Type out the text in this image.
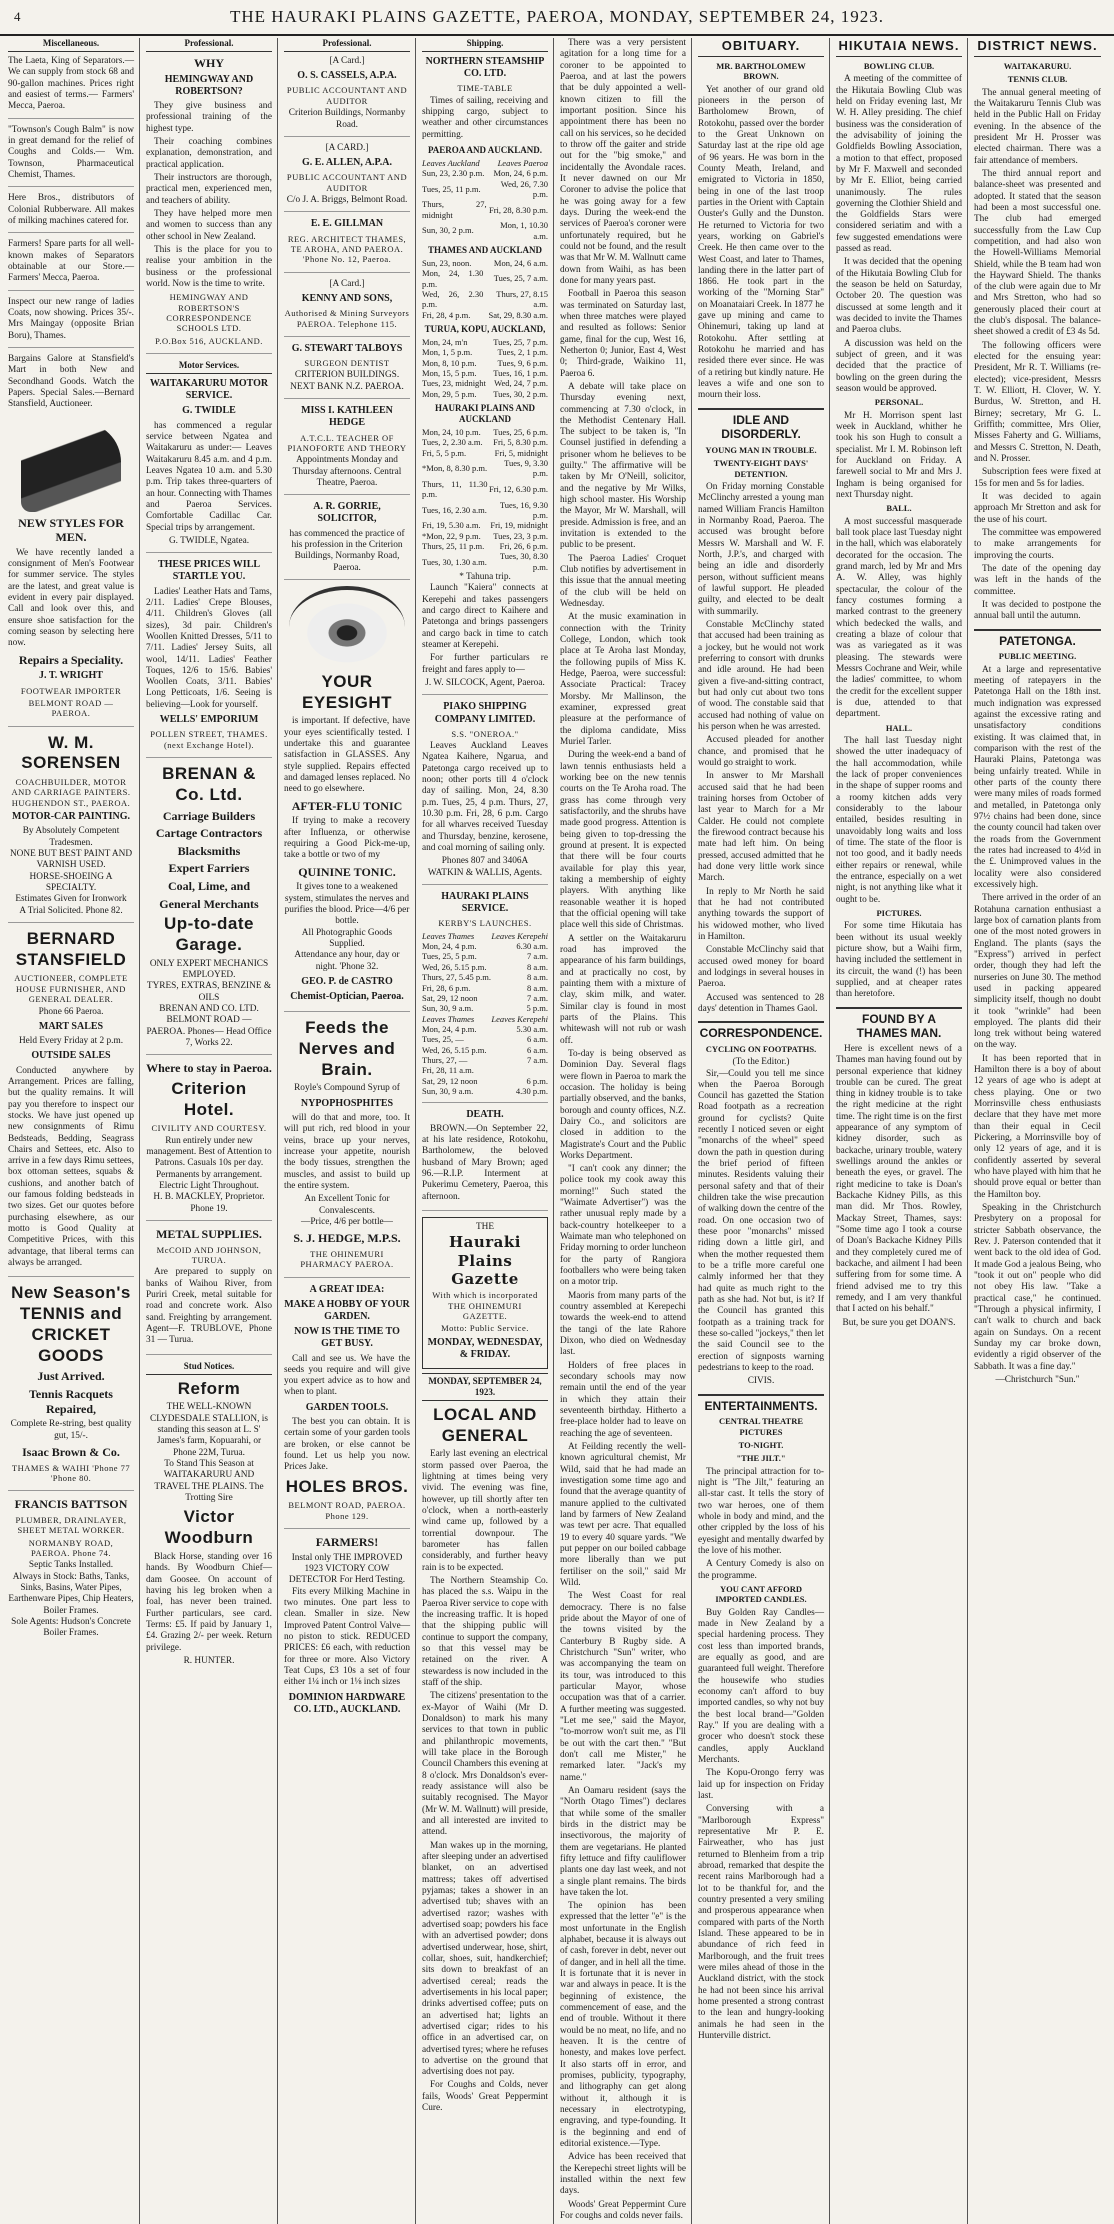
4	THE HAURAKI PLAINS GAZETTE, PAEROA, MONDAY, SEPTEMBER 24, 1923.
Miscellaneous.
The Laeta, King of Separators.— We can supply from stock 68 and 90-gallon machines. Prices right and easiest of terms.— Farmers' Mecca, Paeroa.
"Townson's Cough Balm" is now in great demand for the relief of Coughs and Colds.— Wm. Townson, Pharmaceutical Chemist, Thames.
Here Bros., distributors of Colonial Rubberware. All makes of milking machines catered for.
Farmers! Spare parts for all well-known makes of Separators obtainable at our Store.— Farmers' Mecca, Paeroa.
Inspect our new range of ladies Coats, now showing. Prices 35/-. Mrs Maingay (opposite Brian Boru), Thames.
Bargains Galore at Stansfield's Mart in both New and Secondhand Goods. Watch the Papers. Special Sales.—Bernard Stansfield, Auctioneer.
NEW STYLES FOR MEN.
We have recently landed a consignment of Men's Footwear for summer service. The styles are the latest, and great value is evident in every pair displayed. Call and look over this, and ensure shoe satisfaction for the coming season by selecting here now.
Repairs a Speciality.
J. T. WRIGHT
FOOTWEAR IMPORTER
BELMONT ROAD — PAEROA.
W. M. SORENSEN
COACHBUILDER, MOTOR AND CARRIAGE PAINTERS. HUGHENDON ST., PAEROA.
MOTOR-CAR PAINTING.
By Absolutely Competent Tradesmen.
NONE BUT BEST PAINT AND VARNISH USED.
HORSE-SHOEING A SPECIALTY.
Estimates Given for Ironwork
A Trial Solicited. Phone 82.
BERNARD STANSFIELD
AUCTIONEER, COMPLETE HOUSE FURNISHER, AND GENERAL DEALER.
Phone 66 Paeroa.
MART SALES
Held Every Friday at 2 p.m.
OUTSIDE SALES
Conducted anywhere by Arrangement. Prices are falling, but the quality remains. It will pay you therefore to inspect our stocks. We have just opened up new consignments of Rimu Bedsteads, Bedding, Seagrass Chairs and Settees, etc. Also to arrive in a few days Rimu settees, box ottoman settees, squabs & cushions, and another batch of our famous folding bedsteads in two sizes. Get our quotes before purchasing elsewhere, as our motto is Good Quality at Competitive Prices, with this advantage, that liberal terms can always be arranged.
New Season's TENNIS and CRICKET GOODS
Just Arrived.
Tennis Racquets Repaired,
Complete Re-string, best quality gut, 15/-.
Isaac Brown & Co.
THAMES & WAIHI 'Phone 77 'Phone 80.
FRANCIS BATTSON
PLUMBER, DRAINLAYER, SHEET METAL WORKER.
NORMANBY ROAD, PAEROA. Phone 74.
Septic Tanks Installed.
Always in Stock: Baths, Tanks, Sinks, Basins, Water Pipes, Earthenware Pipes, Chip Heaters, Boiler Frames.
Sole Agents: Hudson's Concrete Boiler Frames.
Professional.
WHY
HEMINGWAY AND ROBERTSON?
They give business and professional training of the highest type.
Their coaching combines explanation, demonstration, and practical application.
Their instructors are thorough, practical men, experienced men, and teachers of ability.
They have helped more men and women to success than any other school in New Zealand.
This is the place for you to realise your ambition in the business or the professional world. Now is the time to write.
HEMINGWAY AND ROBERTSON'S CORRESPONDENCE SCHOOLS LTD.
P.O.Box 516, AUCKLAND.
Motor Services.
WAITAKARURU MOTOR SERVICE.
G. TWIDLE
has commenced a regular service between Ngatea and Waitakaruru as under:— Leaves Waitakaruru 8.45 a.m. and 4 p.m. Leaves Ngatea 10 a.m. and 5.30 p.m. Trip takes three-quarters of an hour. Connecting with Thames and Paeroa Services. Comfortable Cadillac Car. Special trips by arrangement.
G. TWIDLE, Ngatea.
THESE PRICES WILL STARTLE YOU.
Ladies' Leather Hats and Tams, 2/11. Ladies' Crepe Blouses, 4/11. Children's Gloves (all sizes), 3d pair. Children's Woollen Knitted Dresses, 5/11 to 7/11. Ladies' Jersey Suits, all wool, 14/11. Ladies' Feather Toques, 12/6 to 15/6. Babies' Woollen Coats, 3/11. Babies' Long Petticoats, 1/6. Seeing is believing—Look for yourself.
WELLS' EMPORIUM
POLLEN STREET, THAMES. (next Exchange Hotel).
BRENAN & Co. Ltd.
Carriage Builders
Cartage Contractors
Blacksmiths
Expert Farriers
Coal, Lime, and
General Merchants
Up-to-date Garage.
ONLY EXPERT MECHANICS EMPLOYED.
TYRES, EXTRAS, BENZINE & OILS
BRENAN AND CO. LTD. BELMONT ROAD — PAEROA. Phones— Head Office 7, Works 22.
Where to stay in Paeroa.
Criterion Hotel.
CIVILITY AND COURTESY.
Run entirely under new management. Best of Attention to Patrons. Casuals 10s per day. Permanents by arrangement. Electric Light Throughout.
H. B. MACKLEY, Proprietor. Phone 19.
METAL SUPPLIES.
McCOID AND JOHNSON, TURUA.
Are prepared to supply on banks of Waihou River, from Puriri Creek, metal suitable for road and concrete work. Also sand. Freighting by arrangement. Agent—F. TRUBLOVE, Phone 31 — Turua.
Stud Notices.
Reform
THE WELL-KNOWN CLYDESDALE STALLION, is standing this season at L. S' James's farm, Kopuarahi, or Phone 22M, Turua.
To Stand This Season at WAITAKARURU AND TRAVEL THE PLAINS. The Trotting Sire
Victor Woodburn
Black Horse, standing over 16 hands. By Woodburn Chief—dam Goosee. On account of having his leg broken when a foal, has never been trained. Further particulars, see card. Terms: £5. If paid by January 1, £4. Grazing 2/- per week. Return privilege.
R. HUNTER.
Professional.
[A Card.]
O. S. CASSELS, A.P.A.
PUBLIC ACCOUNTANT AND AUDITOR
Criterion Buildings, Normanby Road.
[A CARD.]
G. E. ALLEN, A.P.A.
PUBLIC ACCOUNTANT AND AUDITOR
C/o J. A. Briggs, Belmont Road.
E. E. GILLMAN
REG. ARCHITECT THAMES, TE AROHA, AND PAEROA. 'Phone No. 12, Paeroa.
[A Card.]
KENNY AND SONS,
Authorised & Mining Surveyors PAEROA. Telephone 115.
G. STEWART TALBOYS
SURGEON DENTIST
CRITERION BUILDINGS. NEXT BANK N.Z. PAEROA.
MISS I. KATHLEEN HEDGE
A.T.C.L. TEACHER OF PIANOFORTE AND THEORY
Appointments Monday and Thursday afternoons. Central Theatre, Paeroa.
A. R. GORRIE, SOLICITOR,
has commenced the practice of his profession in the Criterion Buildings, Normanby Road, Paeroa.
YOUR EYESIGHT
is important. If defective, have your eyes scientifically tested. I undertake this and guarantee satisfaction in GLASSES. Any style supplied. Repairs effected and damaged lenses replaced. No need to go elsewhere.
AFTER-FLU TONIC
If trying to make a recovery after Influenza, or otherwise requiring a Good Pick-me-up, take a bottle or two of my
QUININE TONIC.
It gives tone to a weakened system, stimulates the nerves and purifies the blood. Price—4/6 per bottle.
All Photographic Goods Supplied.
Attendance any hour, day or night. 'Phone 32.
GEO. P. de CASTRO
Chemist-Optician, Paeroa.
Feeds the Nerves and Brain.
Royle's Compound Syrup of
NYPOPHOSPHITES
will do that and more, too. It will put rich, red blood in your veins, brace up your nerves, increase your appetite, nourish the body tissues, strengthen the muscles, and assist to build up the entire system.
An Excellent Tonic for Convalescents.
—Price, 4/6 per bottle—
S. J. HEDGE, M.P.S.
THE OHINEMURI PHARMACY PAEROA.
A GREAT IDEA:
MAKE A HOBBY OF YOUR GARDEN.
NOW IS THE TIME TO GET BUSY.
Call and see us. We have the seeds you require and will give you expert advice as to how and when to plant.
GARDEN TOOLS.
The best you can obtain. It is certain some of your garden tools are broken, or else cannot be found. Let us help you now. Prices Jake.
HOLES BROS.
BELMONT ROAD, PAEROA. Phone 129.
FARMERS!
Instal only THE IMPROVED 1923 VICTORY COW DETECTOR For Herd Testing.
Fits every Milking Machine in two minutes. One part less to clean. Smaller in size. New Improved Patent Control Valve—no piston to stick. REDUCED PRICES: £6 each, with reduction for three or more. Also Victory Teat Cups, £3 10s a set of four either 1¼ inch or 1⅛ inch sizes
DOMINION HARDWARE CO. LTD., AUCKLAND.
Shipping.
NORTHERN STEAMSHIP CO. LTD.
TIME-TABLE
Times of sailing, receiving and shipping cargo, subject to weather and other circumstances permitting.
PAEROA AND AUCKLAND.
Leaves Auckland	Leaves Paeroa
Sun, 23, 2.30 p.m.	Mon, 24, 6 p.m.
Tues, 25, 11 p.m.	Wed, 26, 7.30 p.m.
Thurs, 27, midnight	Fri, 28, 8.30 p.m.
Sun, 30, 2 p.m.	Mon, 1, 10.30 a.m.
THAMES AND AUCKLAND
Sun, 23, noon.	Mon, 24, 6 a.m.
Mon, 24, 1.30 p.m.	Tues, 25, 7 a.m.
Wed, 26, 2.30 p.m.	Thurs, 27, 8.15 a.m.
Fri, 28, 4 p.m.	Sat, 29, 8.30 a.m.
TURUA, KOPU, AUCKLAND,
Mon, 24, m'n	Tues, 25, 7 p.m.
Mon, 1, 5 p.m.	Tues, 2, 1 p.m.
Mon, 8, 10 p.m.	Tues, 9, 6 p.m.
Mon, 15, 5 p.m.	Tues, 16, 1 p.m.
Tues, 23, midnight	Wed, 24, 7 p.m.
Mon, 29, 5 p.m.	Tues, 30, 2 p.m.
HAURAKI PLAINS AND AUCKLAND
Mon, 24, 10 p.m.	Tues, 25, 6 p.m.
Tues, 2, 2.30 a.m.	Fri, 5, 8.30 p.m.
Fri, 5, 5 p.m.	Fri, 5, midnight
*Mon, 8, 8.30 p.m.	Tues, 9, 3.30 p.m.
Thurs, 11, 11.30 p.m.	Fri, 12, 6.30 p.m.
Tues, 16, 2.30 a.m.	Tues, 16, 9.30 p.m.
Fri, 19, 5.30 a.m.	Fri, 19, midnight
*Mon, 22, 9 p.m.	Tues, 23, 3 p.m.
Thurs, 25, 11 p.m.	Fri, 26, 6 p.m.
Tues, 30, 1.30 a.m.	Tues, 30, 8.30 p.m.
* Tahuna trip.
Launch "Kaiera" connects at Kerepehi and takes passengers and cargo direct to Kaihere and Patetonga and brings passengers and cargo back in time to catch steamer at Kerepehi.
For further particulars re freight and fares apply to—
J. W. SILCOCK, Agent, Paeroa.
PIAKO SHIPPING COMPANY LIMITED.
S.S. "ONEROA."
Leaves Auckland Leaves Ngatea Kaihere, Ngarua, and Patetonga cargo received up to noon; other ports till 4 o'clock day of sailing. Mon, 24, 8.30 p.m. Tues, 25, 4 p.m. Thurs, 27, 10.30 p.m. Fri, 28, 6 p.m. Cargo for all wharves received Tuesday and Thursday, benzine, kerosene, and coal morning of sailing only.
Phones 807 and 3406A
WATKIN & WALLIS, Agents.
HAURAKI PLAINS SERVICE.
KERBY'S LAUNCHES.
Leaves Thames	Leaves Kerepehi
Mon, 24, 4 p.m.	6.30 a.m.
Tues, 25, 5 p.m.	7 a.m.
Wed, 26, 5.15 p.m.	8 a.m.
Thurs, 27, 5.45 p.m.	8 a.m.
Fri, 28, 6 p.m.	8 a.m.
Sat, 29, 12 noon	7 a.m.
Sun, 30, 9 a.m.	5 p.m.
Leaves Thames	Leaves Kerepehi
Mon, 24, 4 p.m.	5.30 a.m.
Tues, 25, —	6 a.m.
Wed, 26, 5.15 p.m.	6 a.m.
Thurs, 27, —	7 a.m.
Fri, 28, 11 a.m.	
Sat, 29, 12 noon	6 p.m.
Sun, 30, 9 a.m.	4.30 p.m.
DEATH.
BROWN.—On September 22, at his late residence, Rotokohu, Bartholomew, the beloved husband of Mary Brown; aged 96.—R.I.P. Interment at Pukerimu Cemetery, Paeroa, this afternoon.
THE
Hauraki Plains Gazette
With which is incorporated THE OHINEMURI GAZETTE.
Motto: Public Service.
MONDAY, WEDNESDAY, & FRIDAY.
MONDAY, SEPTEMBER 24, 1923.
LOCAL AND GENERAL
Early last evening an electrical storm passed over Paeroa, the lightning at times being very vivid. The evening was fine, however, up till shortly after ten o'clock, when a north-easterly wind came up, followed by a torrential downpour. The barometer has fallen considerably, and further heavy rain is to be expected.
The Northern Steamship Co. has placed the s.s. Waipu in the Paeroa River service to cope with the increasing traffic. It is hoped that the shipping public will continue to support the company, so that this vessel may be retained on the river. A stewardess is now included in the staff of the ship.
The citizens' presentation to the ex-Mayor of Waihi (Mr D. Donaldson) to mark his many services to that town in public and philanthropic movements, will take place in the Borough Council Chambers this evening at 8 o'clock. Mrs Donaldson's ever-ready assistance will also be suitably recognised. The Mayor (Mr W. M. Wallnutt) will preside, and all interested are invited to attend.
Man wakes up in the morning, after sleeping under an advertised blanket, on an advertised mattress; takes off advertised pyjamas; takes a shower in an advertised tub; shaves with an advertised razor; washes with advertised soap; powders his face with an advertised powder; dons advertised underwear, hose, shirt, collar, shoes, suit, handkerchief; sits down to breakfast of an advertised cereal; reads the advertisements in his local paper; drinks advertised coffee; puts on an advertised hat; lights an advertised cigar; rides to his office in an advertised car, on advertised tyres; where he refuses to advertise on the ground that advertising does not pay.
For Coughs and Colds, never fails, Woods' Great Peppermint Cure.
There was a very persistent agitation for a long time for a coroner to be appointed to Paeroa, and at last the powers that be duly appointed a well-known citizen to fill the important position. Since his appointment there has been no call on his services, so he decided to throw off the gaiter and stride out for the "big smoke," and incidentally the Avondale races. It never dawned on our Mr Coroner to advise the police that he was going away for a few days. During the week-end the services of Paeroa's coroner were unfortunately required, but he could not be found, and the result was that Mr W. M. Wallnutt came down from Waihi, as has been done for many years past.
Football in Paeroa this season was terminated on Saturday last, when three matches were played and resulted as follows: Senior game, final for the cup, West 16, Netherton 0; Junior, East 4, West 0; Third-grade, Waikino 11, Paeroa 6.
A debate will take place on Thursday evening next, commencing at 7.30 o'clock, in the Methodist Centenary Hall. The subject to be taken is, "In Counsel justified in defending a prisoner whom he believes to be guilty." The affirmative will be taken by Mr O'Neill, solicitor, and the negative by Mr Wilks, high school master. His Worship the Mayor, Mr W. Marshall, will preside. Admission is free, and an invitation is extended to the public to be present.
The Paeroa Ladies' Croquet Club notifies by advertisement in this issue that the annual meeting of the club will be held on Wednesday.
At the music examination in connection with the Trinity College, London, which took place at Te Aroha last Monday, the following pupils of Miss K. Hedge, Paeroa, were successful: Associate Practical: Tracey Morsby. Mr Mallinson, the examiner, expressed great pleasure at the performance of the diploma candidate, Miss Muriel Tarler.
During the week-end a band of lawn tennis enthusiasts held a working bee on the new tennis courts on the Te Aroha road. The grass has come through very satisfactorily, and the shrubs have made good progress. Attention is being given to top-dressing the ground at present. It is expected that there will be four courts available for play this year, taking a membership of eighty players. With anything like reasonable weather it is hoped that the official opening will take place well this side of Christmas.
A settler on the Waitakaruru road has improved the appearance of his farm buildings, and at practically no cost, by painting them with a mixture of clay, skim milk, and water. Similar clay is found in most parts of the Plains. This whitewash will not rub or wash off.
To-day is being observed as Dominion Day. Several flags were flown in Paeroa to mark the occasion. The holiday is being partially observed, and the banks, borough and county offices, N.Z. Dairy Co., and solicitors are closed in addition to the Magistrate's Court and the Public Works Department.
"I can't cook any dinner; the police took my cook away this morning!" Such stated the "Waimate Advertiser") was the rather unusual reply made by a back-country hotelkeeper to a Waimate man who telephoned on Friday morning to order luncheon for the party of Rangiora footballers who were being taken on a motor trip.
Maoris from many parts of the country assembled at Kerepechi towards the week-end to attend the tangi of the late Rahore Dixon, who died on Wednesday last.
Holders of free places in secondary schools may now remain until the end of the year in which they attain their seventeenth birthday. Hitherto a free-place holder had to leave on reaching the age of seventeen.
At Feilding recently the well-known agricultural chemist, Mr Wild, said that he had made an investigation some time ago and found that the average quantity of manure applied to the cultivated land by farmers of New Zealand was tewt per acre. That equalled 19 to every 40 square yards. "We put pepper on our boiled cabbage more liberally than we put fertiliser on the soil," said Mr Wild.
The West Coast for real democracy. There is no false pride about the Mayor of one of the towns visited by the Canterbury B Rugby side. A Christchurch "Sun" writer, who was accompanying the team on its tour, was introduced to this particular Mayor, whose occupation was that of a carrier. A further meeting was suggested. "Let me see," said the Mayor, "to-morrow won't suit me, as I'll be out with the cart then." "But don't call me Mister," he remarked later. "Jack's my name."
An Oamaru resident (says the "North Otago Times") declares that while some of the smaller birds in the district may be insectivorous, the majority of them are vegetarians. He planted fifty lettuce and fifty cauliflower plants one day last week, and not a single plant remains. The birds have taken the lot.
The opinion has been expressed that the letter "e" is the most unfortunate in the English alphabet, because it is always out of cash, forever in debt, never out of danger, and in hell all the time. It is fortunate that it is never in war and always in peace. It is the beginning of existence, the commencement of ease, and the end of trouble. Without it there would be no meat, no life, and no heaven. It is the centre of honesty, and makes love perfect. It also starts off in error, and promises, publicity, typography, and lithography can get along without it, although it is necessary in electrotyping, engraving, and type-founding. It is the beginning and end of editorial existence.—Type.
Advice has been received that the Kerepechi street lights will be installed within the next few days.
Woods' Great Peppermint Cure For coughs and colds never fails.
OBITUARY.
MR. BARTHOLOMEW BROWN.
Yet another of our grand old pioneers in the person of Bartholomew Brown, of Rotokohu, passed over the border to the Great Unknown on Saturday last at the ripe old age of 96 years. He was born in the County Meath, Ireland, and emigrated to Victoria in 1850, being in one of the last troop parties in the Orient with Captain Ouster's Gully and the Dunston. He returned to Victoria for two years, working on Gabriel's Creek. He then came over to the West Coast, and later to Thames, landing there in the latter part of 1866. He took part in the working of the "Morning Star" on Moanataiari Creek. In 1877 he gave up mining and came to Ohinemuri, taking up land at Rotokohu. After settling at Rotokohu he married and has resided there ever since. He was of a retiring but kindly nature. He leaves a wife and one son to mourn their loss.
IDLE AND DISORDERLY.
YOUNG MAN IN TROUBLE.
TWENTY-EIGHT DAYS' DETENTION.
On Friday morning Constable McClinchy arrested a young man named William Francis Hamilton in Normanby Road, Paeroa. The accused was brought before Messrs W. Marshall and W. F. North, J.P.'s, and charged with being an idle and disorderly person, without sufficient means of lawful support. He pleaded guilty, and elected to be dealt with summarily.
Constable McClinchy stated that accused had been training as a jockey, but he would not work preferring to consort with drunks and idle around. He had been given a five-and-sitting contract, but had only cut about two tons of wood. The constable said that accused had nothing of value on his person when he was arrested.
Accused pleaded for another chance, and promised that he would go straight to work.
In answer to Mr Marshall accused said that he had been training horses from October of last year to March for a Mr Calder. He could not complete the firewood contract because his mate had left him. On being pressed, accused admitted that he had done very little work since March.
In reply to Mr North he said that he had not contributed anything towards the support of his widowed mother, who lived in Hamilton.
Constable McClinchy said that accused owed money for board and lodgings in several houses in Paeroa.
Accused was sentenced to 28 days' detention in Thames Gaol.
CORRESPONDENCE.
CYCLING ON FOOTPATHS.
(To the Editor.)
Sir,—Could you tell me since when the Paeroa Borough Council has gazetted the Station Road footpath as a recreation ground for cyclists? Quite recently I noticed seven or eight "monarchs of the wheel" speed down the path in question during the brief period of fifteen minutes. Residents valuing their personal safety and that of their children take the wise precaution of walking down the centre of the road. On one occasion two of these poor "monarchs" missed riding down a little girl, and when the mother requested them to be a trifle more careful one calmly informed her that they had quite as much right to the path as she had. Not but, is it? If the Council has granted this footpath as a training track for these so-called "jockeys," then let the said Council see to the erection of signposts warning pedestrians to keep to the road.
CIVIS.
ENTERTAINMENTS.
CENTRAL THEATRE PICTURES
TO-NIGHT.
"THE JILT."
The principal attraction for to-night is "The Jilt," featuring an all-star cast. It tells the story of two war heroes, one of them whole in body and mind, and the other crippled by the loss of his eyesight and mentally dwarfed by the love of his mother.
A Century Comedy is also on the programme.
YOU CANT AFFORD IMPORTED CANDLES.
Buy Golden Ray Candles—made in New Zealand by a special hardening process. They cost less than imported brands, are equally as good, and are guaranteed full weight. Therefore the housewife who studies economy can't afford to buy imported candles, so why not buy the best local brand—"Golden Ray." If you are dealing with a grocer who doesn't stock these candles, apply Auckland Merchants.
The Kopu-Orongo ferry was laid up for inspection on Friday last.
Conversing with a "Marlborough Express" representative Mr P. E. Fairweather, who has just returned to Blenheim from a trip abroad, remarked that despite the recent rains Marlborough had a lot to be thankful for, and the country presented a very smiling and prosperous appearance when compared with parts of the North Island. These appeared to be in abundance of rich feed in Marlborough, and the fruit trees were miles ahead of those in the Auckland district, with the stock he had not been since his arrival home presented a strong contrast to the lean and hungry-looking animals he had seen in the Hunterville district.
HIKUTAIA NEWS.
BOWLING CLUB.
A meeting of the committee of the Hikutaia Bowling Club was held on Friday evening last, Mr W. H. Alley presiding. The chief business was the consideration of the advisability of joining the Goldfields Bowling Association, a motion to that effect, proposed by Mr F. Maxwell and seconded by Mr E. Elliot, being carried unanimously. The rules governing the Clothier Shield and the Goldfields Stars were considered seriatim and with a few suggested emendations were passed as read.
It was decided that the opening of the Hikutaia Bowling Club for the season be held on Saturday, October 20. The question was discussed at some length and it was decided to invite the Thames and Paeroa clubs.
A discussion was held on the subject of green, and it was decided that the practice of bowling on the green during the season would be approved.
PERSONAL.
Mr H. Morrison spent last week in Auckland, whither he took his son Hugh to consult a specialist. Mr I. M. Robinson left for Auckland on Friday. A farewell social to Mr and Mrs J. Ingham is being organised for next Thursday night.
BALL.
A most successful masquerade ball took place last Tuesday night in the hall, which was elaborately decorated for the occasion. The grand march, led by Mr and Mrs A. W. Alley, was highly spectacular, the colour of the fancy costumes forming a marked contrast to the greenery which bedecked the walls, and creating a blaze of colour that was as variegated as it was pleasing. The stewards were Messrs Cochrane and Weir, while the ladies' committee, to whom the credit for the excellent supper is due, attended to that department.
HALL.
The hall last Tuesday night showed the utter inadequacy of the hall accommodation, while the lack of proper conveniences in the shape of supper rooms and a roomy kitchen adds very considerably to the labour entailed, besides resulting in unavoidably long waits and loss of time. The state of the floor is not too good, and it badly needs either repairs or renewal, while the entrance, especially on a wet night, is not anything like what it ought to be.
PICTURES.
For some time Hikutaia has been without its usual weekly picture show, but a Waihi firm, having included the settlement in its circuit, the wand (!) has been supplied, and at cheaper rates than heretofore.
FOUND BY A THAMES MAN.
Here is excellent news of a Thames man having found out by personal experience that kidney trouble can be cured. The great thing in kidney trouble is to take the right medicine at the right time. The right time is on the first appearance of any symptom of kidney disorder, such as backache, urinary trouble, watery swellings around the ankles or beneath the eyes, or gravel. The right medicine to take is Doan's Backache Kidney Pills, as this man did. Mr Thos. Rowley, Mackay Street, Thames, says: "Some time ago I took a course of Doan's Backache Kidney Pills and they completely cured me of backache, and ailment I had been suffering from for some time. A friend advised me to try this remedy, and I am very thankful that I acted on his behalf."
But, be sure you get DOAN'S.
DISTRICT NEWS.
WAITAKARURU.
TENNIS CLUB.
The annual general meeting of the Waitakaruru Tennis Club was held in the Public Hall on Friday evening. In the absence of the president Mr H. Prosser was elected chairman. There was a fair attendance of members.
The third annual report and balance-sheet was presented and adopted. It stated that the season had been a most successful one. The club had emerged successfully from the Law Cup competition, and had also won the Howell-Williams Memorial Shield, while the B team had won the Hayward Shield. The thanks of the club were again due to Mr and Mrs Stretton, who had so generously placed their court at the club's disposal. The balance-sheet showed a credit of £3 4s 5d.
The following officers were elected for the ensuing year: President, Mr R. T. Williams (re-elected); vice-president, Messrs T. W. Elliott, H. Clover, W. Y. Burdus, W. Stretton, and H. Birney; secretary, Mr G. L. Griffith; committee, Mrs Olier, Misses Faherty and G. Williams, and Messrs C. Stretton, N. Death, and N. Prosser.
Subscription fees were fixed at 15s for men and 5s for ladies.
It was decided to again approach Mr Stretton and ask for the use of his court.
The committee was empowered to make arrangements for improving the courts.
The date of the opening day was left in the hands of the committee.
It was decided to postpone the annual ball until the autumn.
PATETONGA.
PUBLIC MEETING.
At a large and representative meeting of ratepayers in the Patetonga Hall on the 18th inst. much indignation was expressed against the excessive rating and unsatisfactory conditions existing. It was claimed that, in comparison with the rest of the Hauraki Plains, Patetonga was being unfairly treated. While in other parts of the county there were many miles of roads formed and metalled, in Patetonga only 97½ chains had been done, since the county council had taken over the roads from the Government the rates had increased to 4½d in the £. Unimproved values in the locality were also considered excessively high.
There arrived in the order of an Rotahuna carnation enthusiast a large box of carnation plants from one of the most noted growers in England. The plants (says the "Express") arrived in perfect order, though they had left the nurseries on June 30. The method used in packing appeared simplicity itself, though no doubt it took "wrinkle" had been employed. The plants did their long trek without being watered on the way.
It has been reported that in Hamilton there is a boy of about 12 years of age who is adept at chess playing. One or two Morrinsville chess enthusiasts declare that they have met more than their equal in Cecil Pickering, a Morrinsville boy of only 12 years of age, and it is confidently asserted by several who have played with him that he should prove equal or better than the Hamilton boy.
Speaking in the Christchurch Presbytery on a proposal for stricter Sabbath observance, the Rev. J. Paterson contended that it went back to the old idea of God. It made God a jealous Being, who "took it out on" people who did not obey His law. "Take a practical case," he continued. "Through a physical infirmity, I can't walk to church and back again on Sundays. On a recent Sunday my car broke down, evidently a rigid observer of the Sabbath. It was a fine day."
—Christchurch "Sun."
